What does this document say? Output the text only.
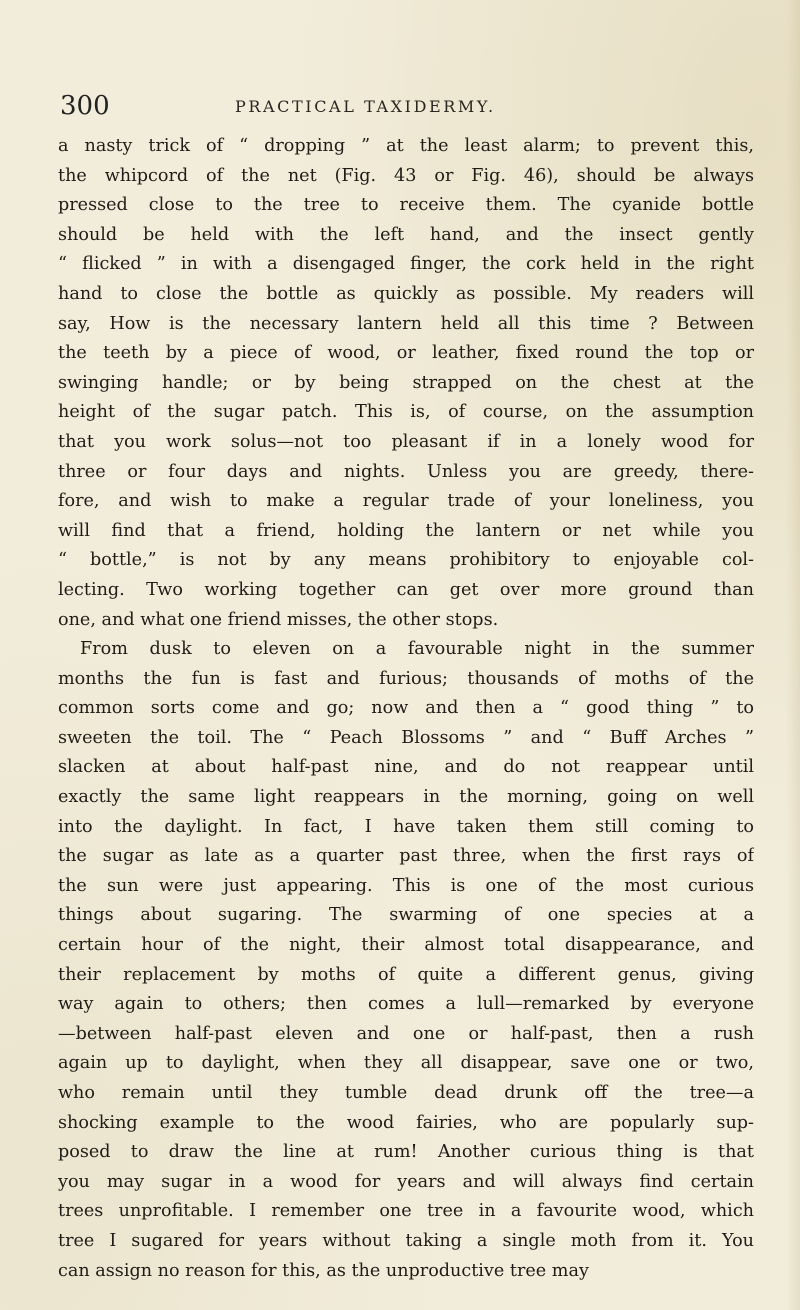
300	PRACTICAL TAXIDERMY.
a nasty trick of “ dropping ” at the least alarm; to prevent this,
the whipcord of the net (Fig. 43 or Fig. 46), should be always
pressed close to the tree to receive them. The cyanide bottle
should be held with the left hand, and the insect gently
“ flicked ” in with a disengaged finger, the cork held in the right
hand to close the bottle as quickly as possible. My readers will
say, How is the necessary lantern held all this time ? Between
the teeth by a piece of wood, or leather, fixed round the top or
swinging handle; or by being strapped on the chest at the
height of the sugar patch. This is, of course, on the assumption
that you work solus—not too pleasant if in a lonely wood for
three or four days and nights. Unless you are greedy, there-
fore, and wish to make a regular trade of your loneliness, you
will find that a friend, holding the lantern or net while you
“ bottle,” is not by any means prohibitory to enjoyable col-
lecting. Two working together can get over more ground than
one, and what one friend misses, the other stops.
From dusk to eleven on a favourable night in the summer
months the fun is fast and furious; thousands of moths of the
common sorts come and go; now and then a “ good thing ” to
sweeten the toil. The “ Peach Blossoms ” and “ Buff Arches ”
slacken at about half-past nine, and do not reappear until
exactly the same light reappears in the morning, going on well
into the daylight. In fact, I have taken them still coming to
the sugar as late as a quarter past three, when the first rays of
the sun were just appearing. This is one of the most curious
things about sugaring. The swarming of one species at a
certain hour of the night, their almost total disappearance, and
their replacement by moths of quite a different genus, giving
way again to others; then comes a lull—remarked by everyone
—between half-past eleven and one or half-past, then a rush
again up to daylight, when they all disappear, save one or two,
who remain until they tumble dead drunk off the tree—a
shocking example to the wood fairies, who are popularly sup-
posed to draw the line at rum! Another curious thing is that
you may sugar in a wood for years and will always find certain
trees unprofitable. I remember one tree in a favourite wood, which
tree I sugared for years without taking a single moth from it. You
can assign no reason for this, as the unproductive tree may
